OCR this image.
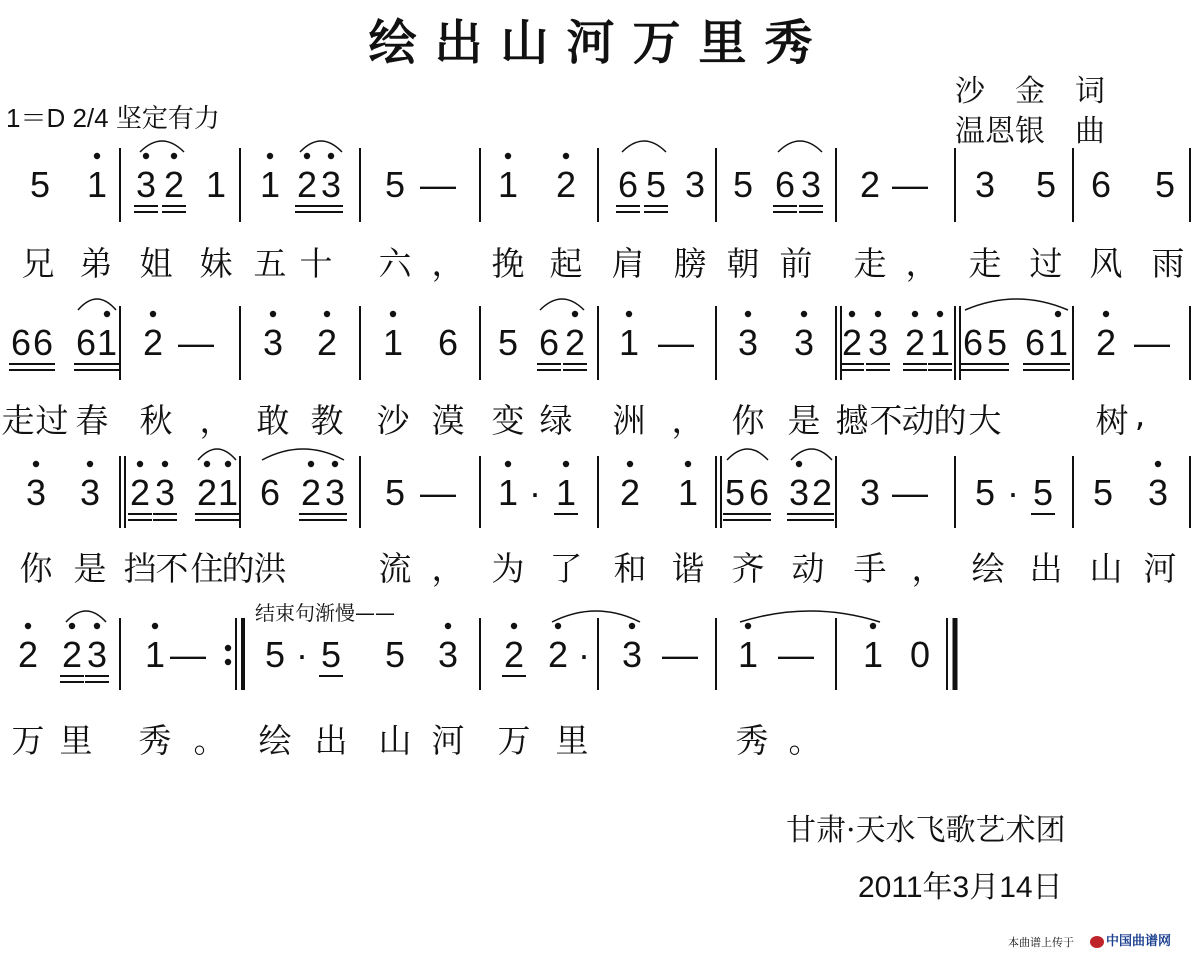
绘出山河万里秀
1＝D 2/4 坚定有力
沙　金　词
温恩银　曲
5 1 3 2 1 1 2 3 5 — 1 2 6 5 3 5 6 3 2 — 3 5 6 5
兄 弟 姐 妹 五 十 六 ， 挽 起 肩 膀 朝 前 走 ， 走 过 风 雨
6 6 6 1 2 — 3 2 1 6 5 6 2 1 — 3 3 2 3 2 1 6 5 6 1 2 —
走 过 春 秋 ， 敢 教 沙 漠 变 绿 洲 ， 你 是 撼 不 动 的 大	树 ,
3 3 2 3 2 1 6 2 3 5 — 1 · 1 2 1 5 6 3 2 3 — 5 · 5 5 3
你 是 挡 不 住
的 洪	流 ， 为 了 和 谐 齐 动 手 ， 绘 出 山 河
2 2 3 1 — 5 · 5 5 3 2 2 · 3 — 1 — 1 0
万 里 秀 。 绘 出 山 河 万 里	秀 。
结束句渐慢——
甘肃·天水飞歌艺术团
2011年3月14日
本曲谱上传于	中国曲谱网
